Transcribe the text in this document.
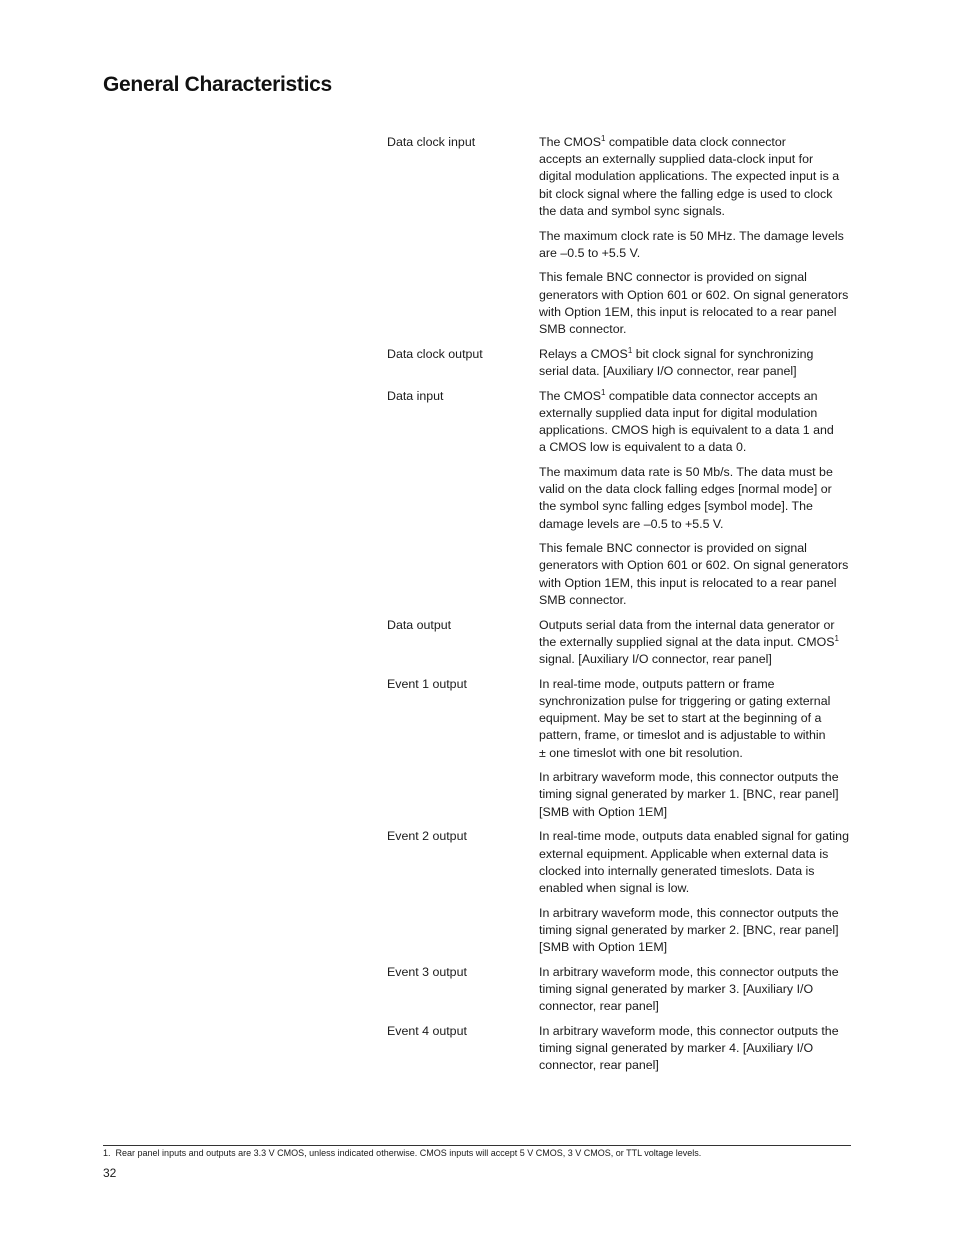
General Characteristics
Data clock input	The CMOS$^1$ compatible data clock connector
accepts an externally supplied data-clock input for
digital modulation applications. The expected input is a
bit clock signal where the falling edge is used to clock
the data and symbol sync signals.

The maximum clock rate is 50 MHz. The damage levels
are –0.5 to +5.5 V.

This female BNC connector is provided on signal
generators with Option 601 or 602. On signal generators
with Option 1EM, this input is relocated to a rear panel
SMB connector.

Data clock output	Relays a CMOS$^1$ bit clock signal for synchronizing
serial data. [Auxiliary I/O connector, rear panel]

Data input	The CMOS$^1$ compatible data connector accepts an
externally supplied data input for digital modulation
applications. CMOS high is equivalent to a data 1 and
a CMOS low is equivalent to a data 0.

The maximum data rate is 50 Mb/s. The data must be
valid on the data clock falling edges [normal mode] or
the symbol sync falling edges [symbol mode]. The
damage levels are –0.5 to +5.5 V.

This female BNC connector is provided on signal
generators with Option 601 or 602. On signal generators
with Option 1EM, this input is relocated to a rear panel
SMB connector.

Data output	Outputs serial data from the internal data generator or
the externally supplied signal at the data input. CMOS$^1$
signal. [Auxiliary I/O connector, rear panel]

Event 1 output	In real-time mode, outputs pattern or frame
synchronization pulse for triggering or gating external
equipment. May be set to start at the beginning of a
pattern, frame, or timeslot and is adjustable to within
± one timeslot with one bit resolution.

In arbitrary waveform mode, this connector outputs the
timing signal generated by marker 1. [BNC, rear panel]
[SMB with Option 1EM]

Event 2 output	In real-time mode, outputs data enabled signal for gating
external equipment. Applicable when external data is
clocked into internally generated timeslots. Data is
enabled when signal is low.

In arbitrary waveform mode, this connector outputs the
timing signal generated by marker 2. [BNC, rear panel]
[SMB with Option 1EM]

Event 3 output	In arbitrary waveform mode, this connector outputs the
timing signal generated by marker 3. [Auxiliary I/O
connector, rear panel]

Event 4 output	In arbitrary waveform mode, this connector outputs the
timing signal generated by marker 4. [Auxiliary I/O
connector, rear panel]

1. Rear panel inputs and outputs are 3.3 V CMOS, unless indicated otherwise. CMOS inputs will accept 5 V CMOS, 3 V CMOS, or TTL voltage levels.
32
